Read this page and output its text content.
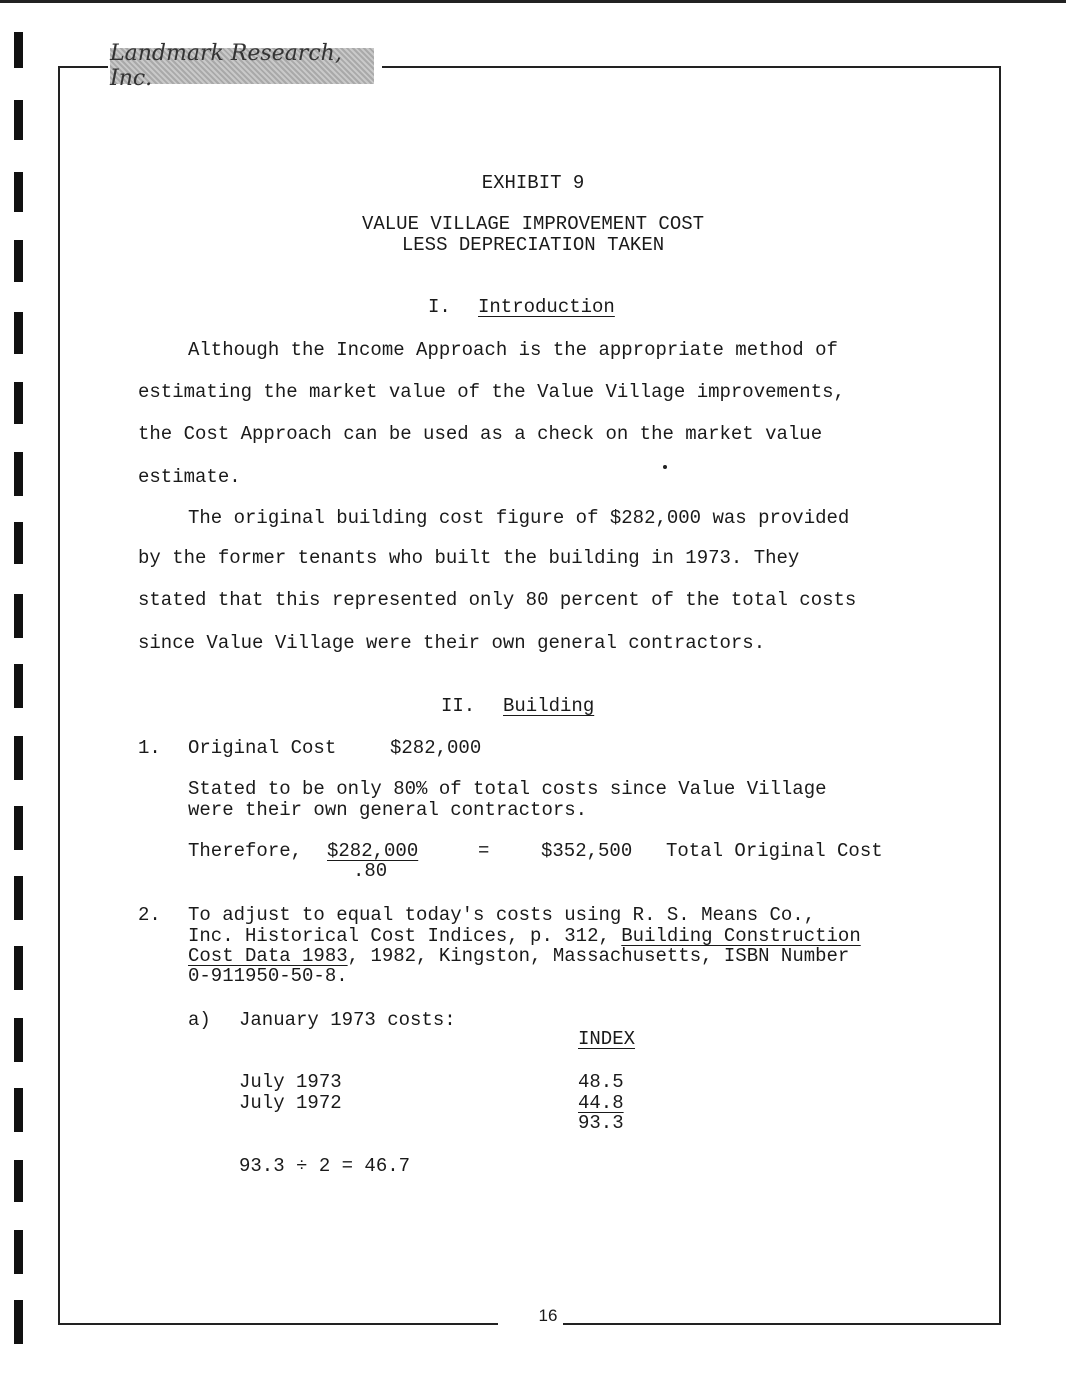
Landmark Research, Inc.
EXHIBIT 9
VALUE VILLAGE IMPROVEMENT COST
LESS DEPRECIATION TAKEN
I. Introduction
Although the Income Approach is the appropriate method of
estimating the market value of the Value Village improvements,
the Cost Approach can be used as a check on the market value
estimate.
The original building cost figure of $282,000 was provided
by the former tenants who built the building in 1973. They
stated that this represented only 80 percent of the total costs
since Value Village were their own general contractors.
II. Building
1. Original Cost	$282,000
Stated to be only 80% of total costs since Value Village
were their own general contractors.
Therefore, $282,000
.80
=	$352,500 Total Original Cost
2. To adjust to equal today's costs using R. S. Means Co.,
Inc. Historical Cost Indices, p. 312, Building Construction
Cost Data 1983, 1982, Kingston, Massachusetts, ISBN Number
0-911950-50-8.
a) January 1973 costs:
INDEX
July 1973	48.5
July 1972	44.8
93.3
93.3 ÷ 2 = 46.7
16
